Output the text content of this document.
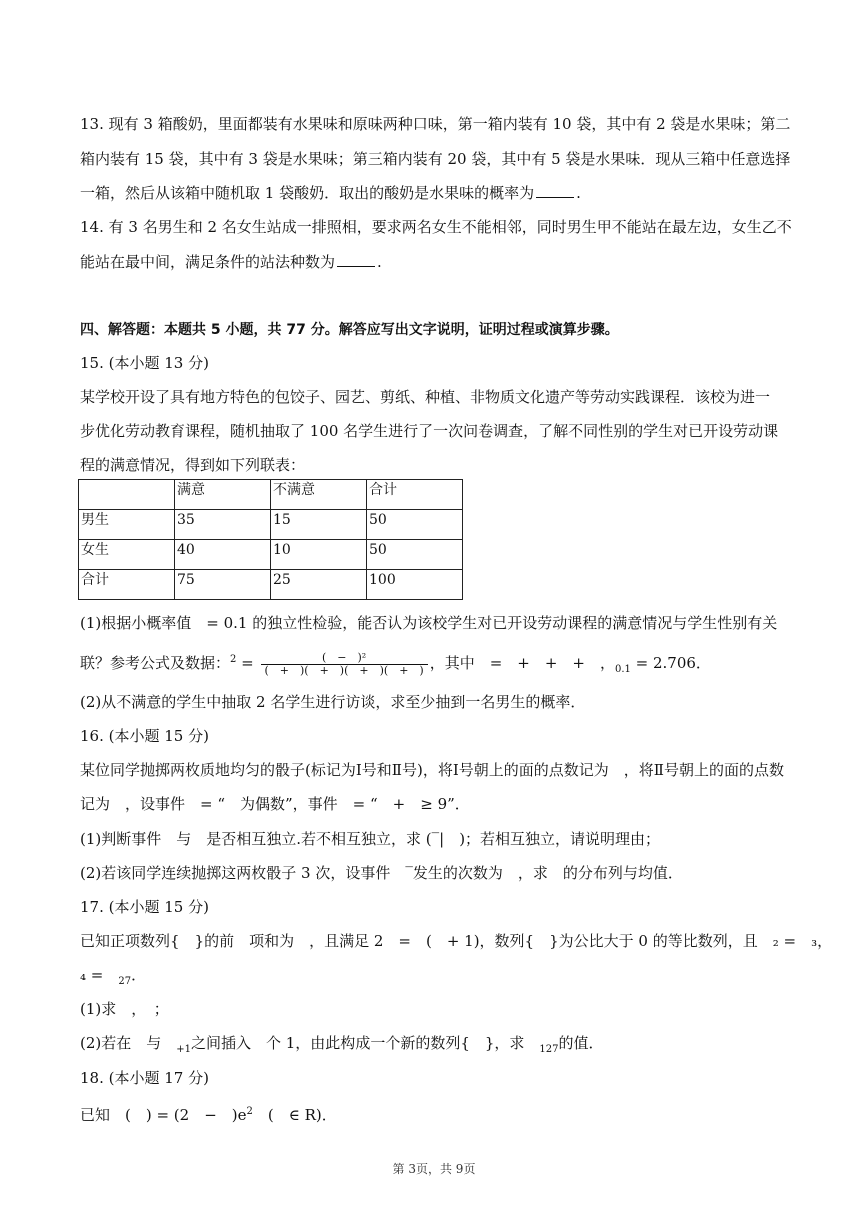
13. 现有 3 箱酸奶，里面都装有水果味和原味两种口味，第一箱内装有 10 袋，其中有 2 袋是水果味；第二
箱内装有 15 袋，其中有 3 袋是水果味；第三箱内装有 20 袋，其中有 5 袋是水果味．现从三箱中任意选择
一箱，然后从该箱中随机取 1 袋酸奶．取出的酸奶是水果味的概率为	.
14. 有 3 名男生和 2 名女生站成一排照相，要求两名女生不能相邻，同时男生甲不能站在最左边，女生乙不
能站在最中间，满足条件的站法种数为	.
四、解答题：本题共 5 小题，共 77 分。解答应写出文字说明，证明过程或演算步骤。
15. (本小题 13 分)
某学校开设了具有地方特色的包饺子、园艺、剪纸、种植、非物质文化遗产等劳动实践课程．该校为进一
步优化劳动教育课程，随机抽取了 100 名学生进行了一次问卷调查，了解不同性别的学生对已开设劳动课
程的满意情况，得到如下列联表：
	满意	不满意	合计
男生	35	15	50
女生	40	10	50
合计	75	25	100
(1)根据小概率值　= 0.1 的独立性检验，能否认为该校学生对已开设劳动课程的满意情况与学生性别有关
联？参考公式及数据：$^2 = \frac{\text{(　−　)²}}{( + )( + )( + )( + )}$ ，其中　=　+　+　+　，$_{0.1}$ = 2.706．
(2)从不满意的学生中抽取 2 名学生进行访谈，求至少抽到一名男生的概率．
16. (本小题 15 分)
某位同学抛掷两枚质地均匀的骰子(标记为Ⅰ号和Ⅱ号)，将Ⅰ号朝上的面的点数记为　，将Ⅱ号朝上的面的点数
记为　，设事件　= “　为偶数”，事件　= “　+　≥ 9”．
(1)判断事件　与　是否相互独立.若不相互独立，求 (‾|　)；若相互独立，请说明理由；
(2)若该同学连续抛掷这两枚骰子 3 次，设事件　‾发生的次数为　，求　的分布列与均值．
17. (本小题 15 分)
已知正项数列{　}的前　项和为　，且满足 2　=　(　+ 1)，数列{　}为公比大于 0 的等比数列，且　₂ =　₃，
₄ =　$_{27}$．
(1)求　，　；
(2)若在　与　$_{+1}$之间插入　个 1，由此构成一个新的数列{　}，求　$_{127}$的值．
18. (本小题 17 分)
已知　(　) = (2　−　)$e^2$　(　∈ R)．
第 3页，共 9页
